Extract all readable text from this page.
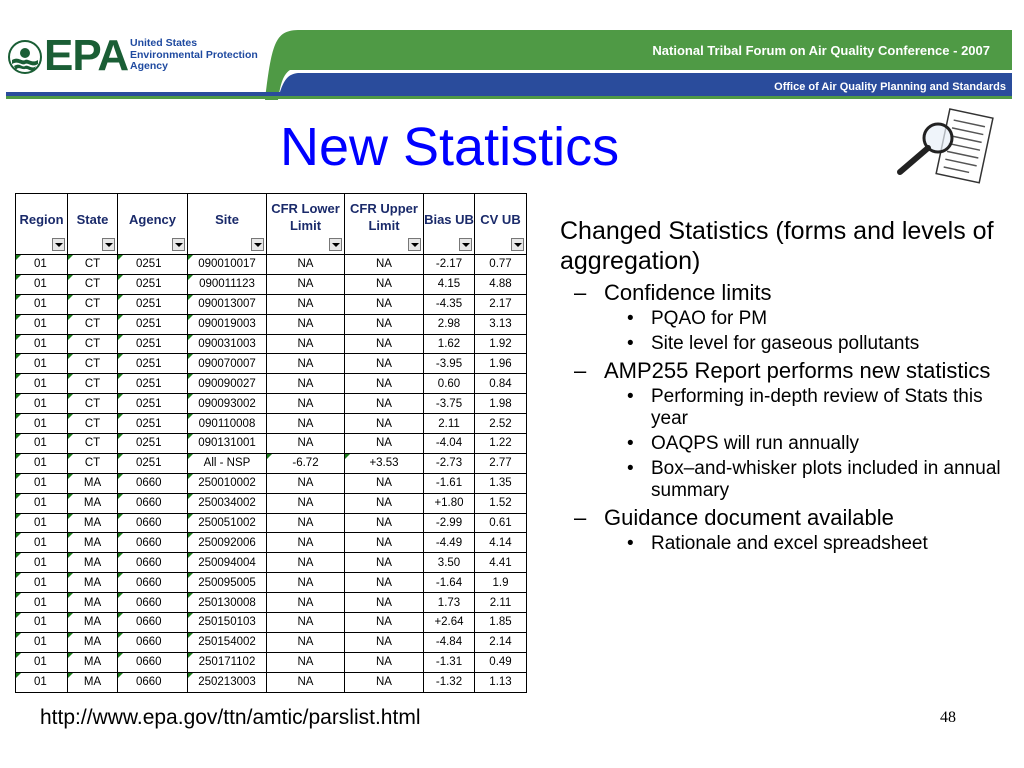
EPA United States
Environmental Protection
Agency
National Tribal Forum on Air Quality Conference - 2007
Office of Air Quality Planning and Standards
New Statistics
Region	State	Agency	Site	CFR Lower Limit	CFR Upper Limit	Bias UB	CV UB

01	CT	0251	090010017	NA	NA	-2.17	0.77
01	CT	0251	090011123	NA	NA	4.15	4.88
01	CT	0251	090013007	NA	NA	-4.35	2.17
01	CT	0251	090019003	NA	NA	2.98	3.13
01	CT	0251	090031003	NA	NA	1.62	1.92
01	CT	0251	090070007	NA	NA	-3.95	1.96
01	CT	0251	090090027	NA	NA	0.60	0.84
01	CT	0251	090093002	NA	NA	-3.75	1.98
01	CT	0251	090110008	NA	NA	2.11	2.52
01	CT	0251	090131001	NA	NA	-4.04	1.22
01	CT	0251	All - NSP	-6.72	+3.53	-2.73	2.77
01	MA	0660	250010002	NA	NA	-1.61	1.35
01	MA	0660	250034002	NA	NA	+1.80	1.52
01	MA	0660	250051002	NA	NA	-2.99	0.61
01	MA	0660	250092006	NA	NA	-4.49	4.14
01	MA	0660	250094004	NA	NA	3.50	4.41
01	MA	0660	250095005	NA	NA	-1.64	1.9
01	MA	0660	250130008	NA	NA	1.73	2.11
01	MA	0660	250150103	NA	NA	+2.64	1.85
01	MA	0660	250154002	NA	NA	-4.84	2.14
01	MA	0660	250171102	NA	NA	-1.31	0.49
01	MA	0660	250213003	NA	NA	-1.32	1.13
Changed Statistics (forms and levels of aggregation)
– Confidence limits
• PQAO for PM
• Site level for gaseous pollutants
– AMP255 Report performs new statistics
• Performing in-depth review of Stats this year
• OAQPS will run annually
• Box–and-whisker plots included in annual summary
– Guidance document available
• Rationale and excel spreadsheet
http://www.epa.gov/ttn/amtic/parslist.html	48
